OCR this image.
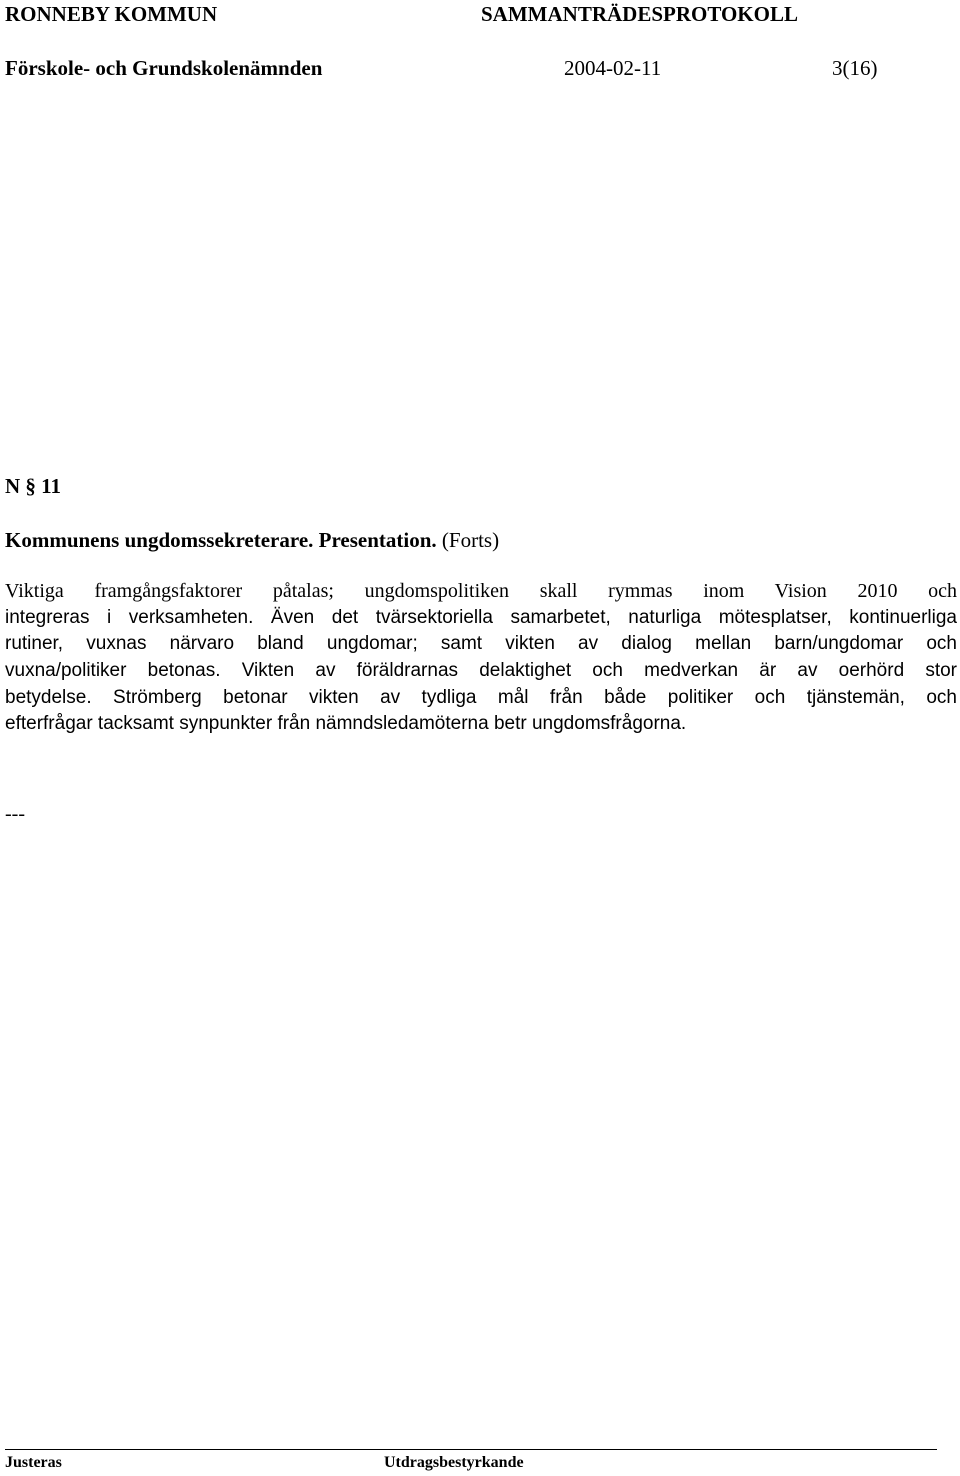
RONNEBY KOMMUN	SAMMANTRÄDESPROTOKOLL
Förskole- och Grundskolenämnden	2004-02-11	3(16)
N § 11
Kommunens ungdomssekreterare. Presentation. (Forts)
Viktiga framgångsfaktorer påtalas; ungdomspolitiken skall rymmas inom Vision 2010 och
integreras i verksamheten. Även det tvärsektoriella samarbetet, naturliga mötesplatser, kontinuerliga
rutiner, vuxnas närvaro bland ungdomar; samt vikten av dialog mellan barn/ungdomar och
vuxna/politiker betonas. Vikten av föräldrarnas delaktighet och medverkan är av oerhörd stor
betydelse. Strömberg betonar vikten av tydliga mål från både politiker och tjänstemän, och
efterfrågar tacksamt synpunkter från nämndsledamöterna betr ungdomsfrågorna.
---
Justeras	Utdragsbestyrkande
